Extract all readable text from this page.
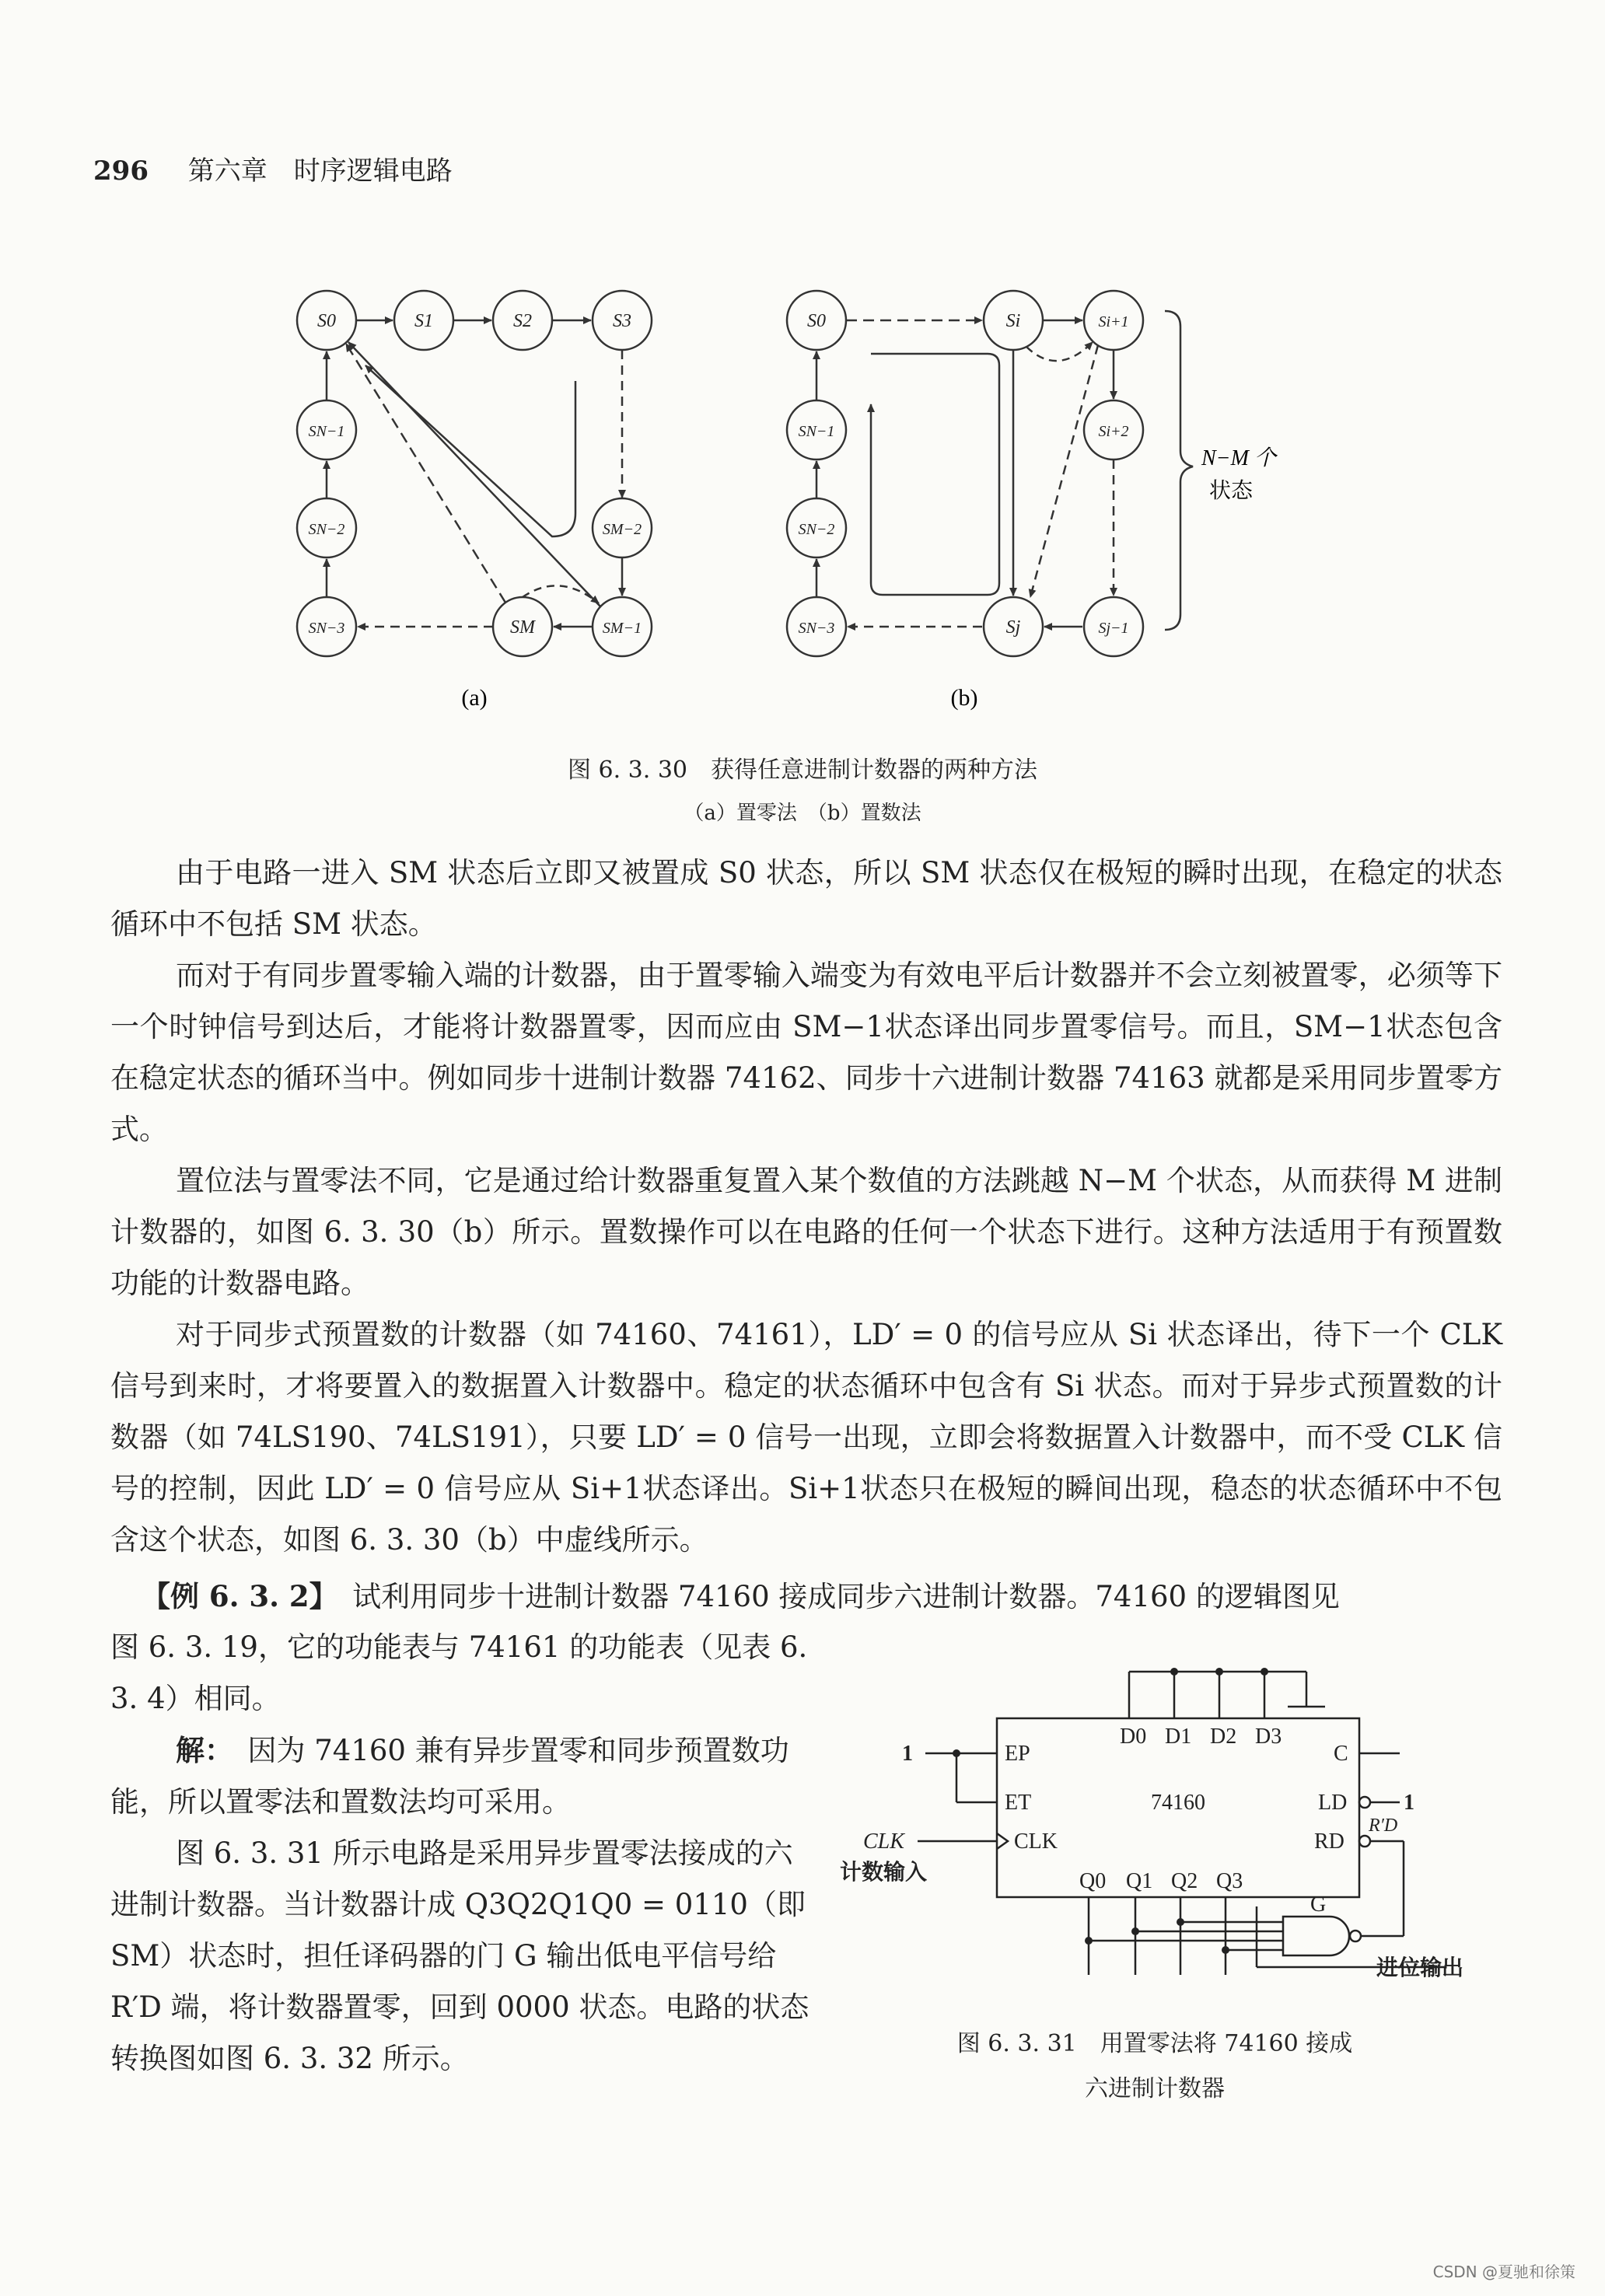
296 第六章　时序逻辑电路
S0	S1	S2	S3
SN−1
SN−2
SN−3
SM−2
SM−1
SM
S0	Si	Si+1
Si+2
Sj−1
Sj
SN−3
SN−2
SN−1
(a)	(b)
N−M 个
状态
图 6. 3. 30　获得任意进制计数器的两种方法
（a）置零法　（b）置数法

由于电路一进入 SM 状态后立即又被置成 S0 状态，所以 SM 状态仅在极短的瞬时出现，在稳定的状态循环中不包括 SM 状态。

而对于有同步置零输入端的计数器，由于置零输入端变为有效电平后计数器并不会立刻被置零，必须等下一个时钟信号到达后，才能将计数器置零，因而应由 SM−1状态译出同步置零信号。而且，SM−1状态包含在稳定状态的循环当中。例如同步十进制计数器 74162、同步十六进制计数器 74163 就都是采用同步置零方式。

置位法与置零法不同，它是通过给计数器重复置入某个数值的方法跳越 N−M 个状态，从而获得 M 进制计数器的，如图 6. 3. 30（b）所示。置数操作可以在电路的任何一个状态下进行。这种方法适用于有预置数功能的计数器电路。

对于同步式预置数的计数器（如 74160、74161），LD′ = 0 的信号应从 Si 状态译出，待下一个 CLK 信号到来时，才将要置入的数据置入计数器中。稳定的状态循环中包含有 Si 状态。而对于异步式预置数的计数器（如 74LS190、74LS191），只要 LD′ = 0 信号一出现，立即会将数据置入计数器中，而不受 CLK 信号的控制，因此 LD′ = 0 信号应从 Si+1状态译出。Si+1状态只在极短的瞬间出现，稳态的状态循环中不包含这个状态，如图 6. 3. 30（b）中虚线所示。

【例 6. 3. 2】　试利用同步十进制计数器 74160 接成同步六进制计数器。74160 的逻辑图见

图 6. 3. 19，它的功能表与 74161 的功能表（见表 6. 3. 4）相同。

解：　因为 74160 兼有异步置零和同步预置数功能，所以置零法和置数法均可采用。

图 6. 3. 31 所示电路是采用异步置零法接成的六进制计数器。当计数器计成 Q3Q2Q1Q0 = 0110（即 SM）状态时，担任译码器的门 G 输出低电平信号给 R′D 端，将计数器置零，回到 0000 状态。电路的状态转换图如图 6. 3. 32 所示。

EP
ET
CLK
C
LD
RD
D0 D1 D2 D3
Q0 Q1 Q2 Q3
74160
1
1
CLK
计数输入
R′D
G
进位输出
图 6. 3. 31　用置零法将 74160 接成
六进制计数器
CSDN @夏驰和徐策
